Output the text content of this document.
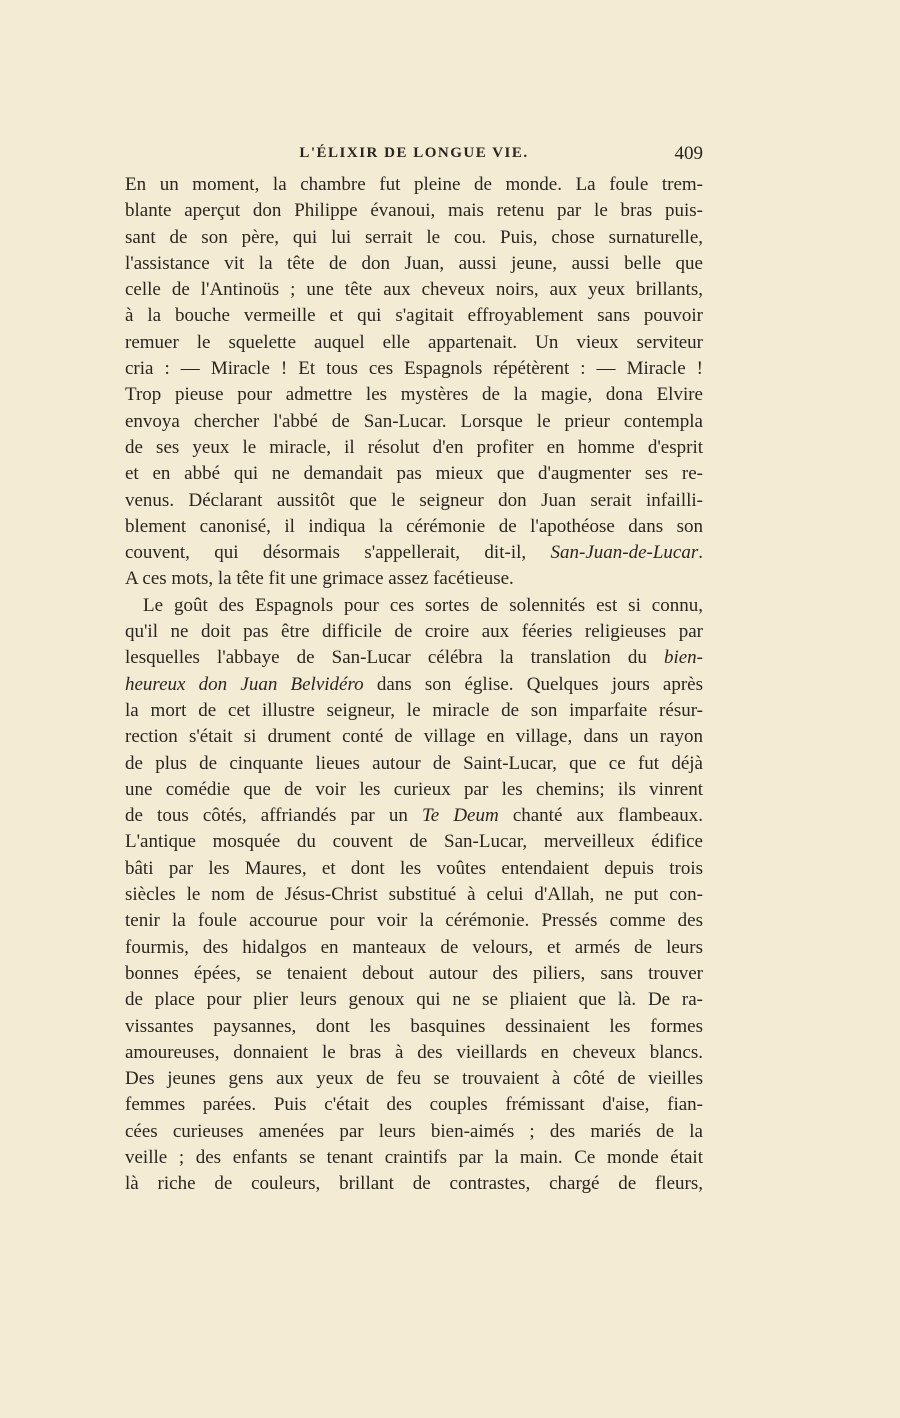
L'ÉLIXIR DE LONGUE VIE.	409
En un moment, la chambre fut pleine de monde. La foule trem-
blante aperçut don Philippe évanoui, mais retenu par le bras puis-
sant de son père, qui lui serrait le cou. Puis, chose surnaturelle,
l'assistance vit la tête de don Juan, aussi jeune, aussi belle que
celle de l'Antinoüs ; une tête aux cheveux noirs, aux yeux brillants,
à la bouche vermeille et qui s'agitait effroyablement sans pouvoir
remuer le squelette auquel elle appartenait. Un vieux serviteur
cria : — Miracle ! Et tous ces Espagnols répétèrent : — Miracle !
Trop pieuse pour admettre les mystères de la magie, dona Elvire
envoya chercher l'abbé de San-Lucar. Lorsque le prieur contempla
de ses yeux le miracle, il résolut d'en profiter en homme d'esprit
et en abbé qui ne demandait pas mieux que d'augmenter ses re-
venus. Déclarant aussitôt que le seigneur don Juan serait infailli-
blement canonisé, il indiqua la cérémonie de l'apothéose dans son
couvent, qui désormais s'appellerait, dit-il, San-Juan-de-Lucar.
A ces mots, la tête fit une grimace assez facétieuse.
Le goût des Espagnols pour ces sortes de solennités est si connu,
qu'il ne doit pas être difficile de croire aux féeries religieuses par
lesquelles l'abbaye de San-Lucar célébra la translation du bien-
heureux don Juan Belvidéro dans son église. Quelques jours après
la mort de cet illustre seigneur, le miracle de son imparfaite résur-
rection s'était si drument conté de village en village, dans un rayon
de plus de cinquante lieues autour de Saint-Lucar, que ce fut déjà
une comédie que de voir les curieux par les chemins; ils vinrent
de tous côtés, affriandés par un Te Deum chanté aux flambeaux.
L'antique mosquée du couvent de San-Lucar, merveilleux édifice
bâti par les Maures, et dont les voûtes entendaient depuis trois
siècles le nom de Jésus-Christ substitué à celui d'Allah, ne put con-
tenir la foule accourue pour voir la cérémonie. Pressés comme des
fourmis, des hidalgos en manteaux de velours, et armés de leurs
bonnes épées, se tenaient debout autour des piliers, sans trouver
de place pour plier leurs genoux qui ne se pliaient que là. De ra-
vissantes paysannes, dont les basquines dessinaient les formes
amoureuses, donnaient le bras à des vieillards en cheveux blancs.
Des jeunes gens aux yeux de feu se trouvaient à côté de vieilles
femmes parées. Puis c'était des couples frémissant d'aise, fian-
cées curieuses amenées par leurs bien-aimés ; des mariés de la
veille ; des enfants se tenant craintifs par la main. Ce monde était
là riche de couleurs, brillant de contrastes, chargé de fleurs,
